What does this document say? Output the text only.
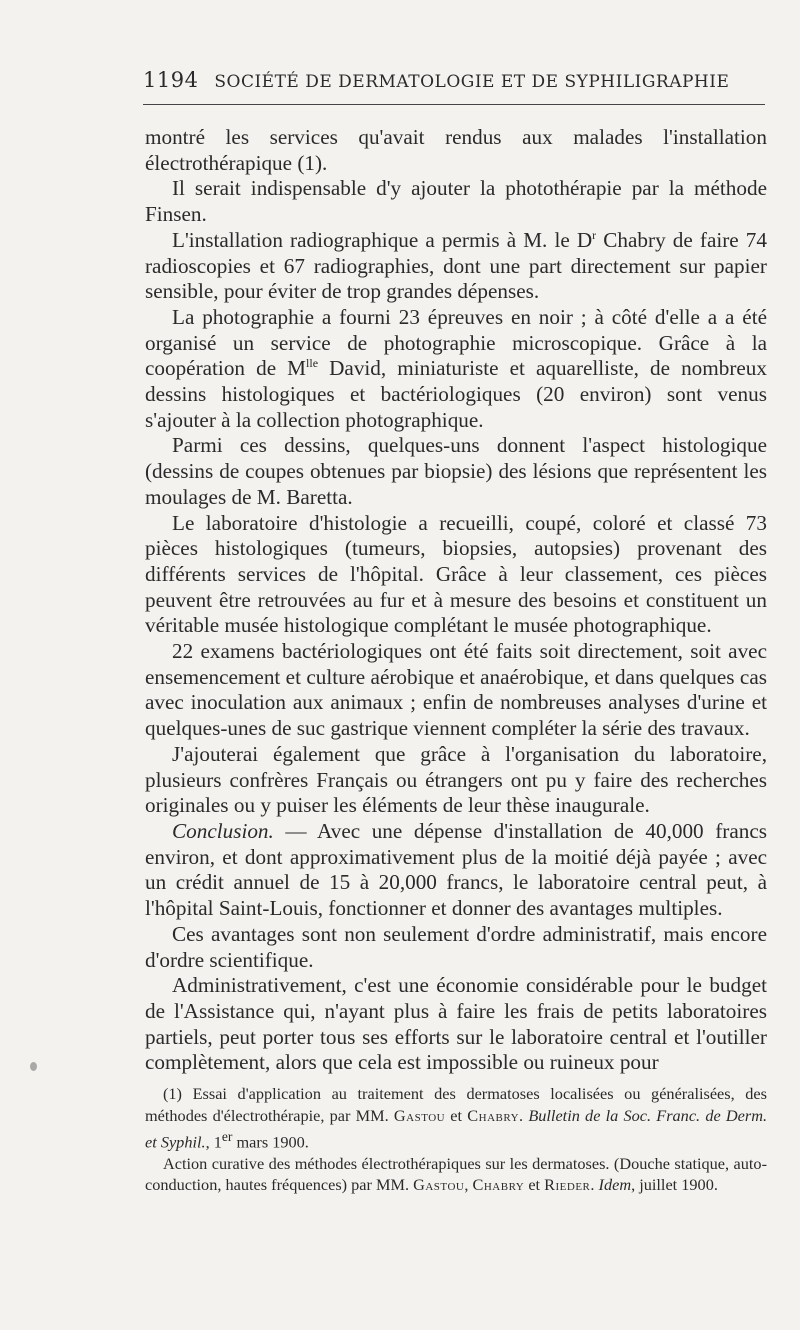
1194 SOCIÉTÉ DE DERMATOLOGIE ET DE SYPHILIGRAPHIE

montré les services qu'avait rendus aux malades l'installation électrothérapique (1).

Il serait indispensable d'y ajouter la photothérapie par la méthode Finsen.

L'installation radiographique a permis à M. le $D^r$ Chabry de faire 74 radioscopies et 67 radiographies, dont une part directement sur papier sensible, pour éviter de trop grandes dépenses.

La photographie a fourni 23 épreuves en noir ; à côté d'elle a a été organisé un service de photographie microscopique. Grâce à la coopération de $M^{lle}$ David, miniaturiste et aquarelliste, de nombreux dessins histologiques et bactériologiques (20 environ) sont venus s'ajouter à la collection photographique.

Parmi ces dessins, quelques-uns donnent l'aspect histologique (dessins de coupes obtenues par biopsie) des lésions que représentent les moulages de M. Baretta.

Le laboratoire d'histologie a recueilli, coupé, coloré et classé 73 pièces histologiques (tumeurs, biopsies, autopsies) provenant des différents services de l'hôpital. Grâce à leur classement, ces pièces peuvent être retrouvées au fur et à mesure des besoins et constituent un véritable musée histologique complétant le musée photographique.

22 examens bactériologiques ont été faits soit directement, soit avec ensemencement et culture aérobique et anaérobique, et dans quelques cas avec inoculation aux animaux ; enfin de nombreuses analyses d'urine et quelques-unes de suc gastrique viennent compléter la série des travaux.

J'ajouterai également que grâce à l'organisation du laboratoire, plusieurs confrères Français ou étrangers ont pu y faire des recherches originales ou y puiser les éléments de leur thèse inaugurale.

Conclusion. — Avec une dépense d'installation de 40,000 francs environ, et dont approximativement plus de la moitié déjà payée ; avec un crédit annuel de 15 à 20,000 francs, le laboratoire central peut, à l'hôpital Saint-Louis, fonctionner et donner des avantages multiples.

Ces avantages sont non seulement d'ordre administratif, mais encore d'ordre scientifique.

Administrativement, c'est une économie considérable pour le budget de l'Assistance qui, n'ayant plus à faire les frais de petits laboratoires partiels, peut porter tous ses efforts sur le laboratoire central et l'outiller complètement, alors que cela est impossible ou ruineux pour

(1) Essai d'application au traitement des dermatoses localisées ou généralisées, des méthodes d'électrothérapie, par MM. Gastou et Chabry. Bulletin de la Soc. Franc. de Derm. et Syphil., 1er mars 1900.

Action curative des méthodes électrothérapiques sur les dermatoses. (Douche statique, auto-conduction, hautes fréquences) par MM. Gastou, Chabry et Rieder. Idem, juillet 1900.
